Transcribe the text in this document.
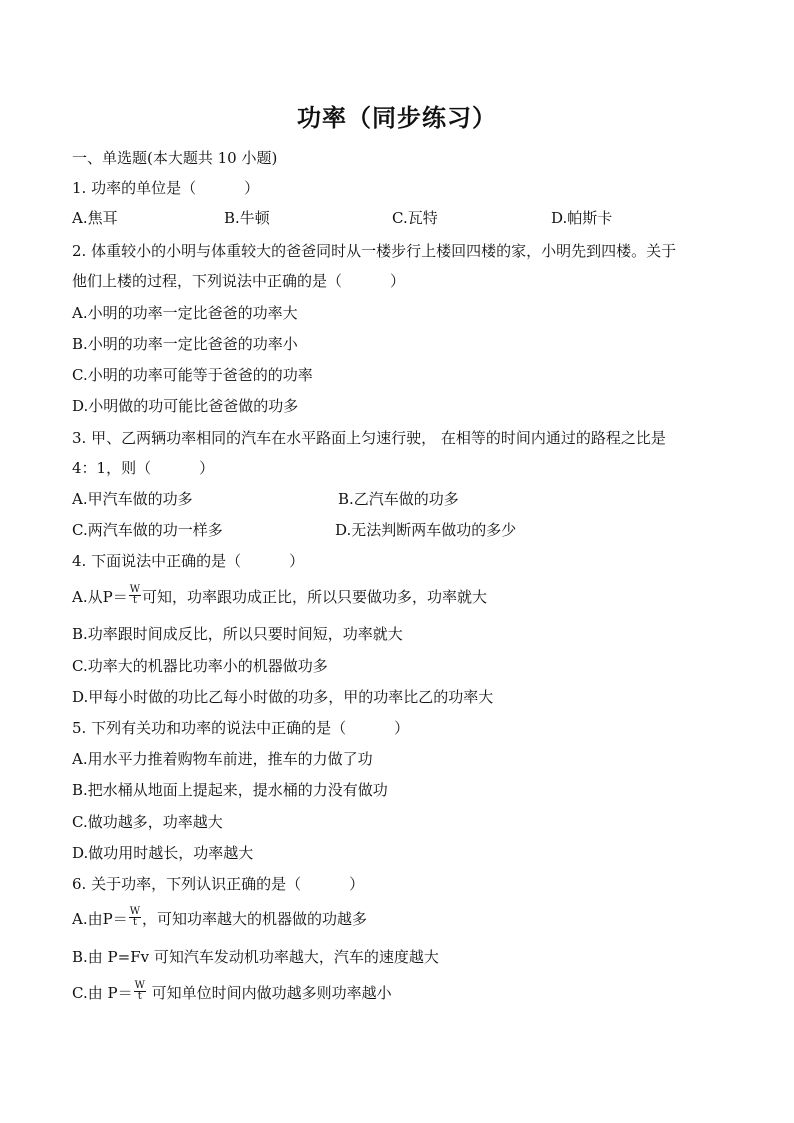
功率（同步练习）
一、单选题(本大题共 10 小题)
1. 功率的单位是（	）
A.焦耳	B.牛顿	C.瓦特	D.帕斯卡
2. 体重较小的小明与体重较大的爸爸同时从一楼步行上楼回四楼的家，小明先到四楼。关于
他们上楼的过程，下列说法中正确的是（	）
A.小明的功率一定比爸爸的功率大
B.小明的功率一定比爸爸的功率小
C.小明的功率可能等于爸爸的的功率
D.小明做的功可能比爸爸做的功多
3. 甲、乙两辆功率相同的汽车在水平路面上匀速行驶， 在相等的时间内通过的路程之比是
4：1，则（	）
A.甲汽车做的功多	B.乙汽车做的功多
C.两汽车做的功一样多	D.无法判断两车做功的多少
4. 下面说法中正确的是（	）
A.从$P= \frac{W}{t}$ 可知，功率跟功成正比，所以只要做功多，功率就大
B.功率跟时间成反比，所以只要时间短，功率就大
C.功率大的机器比功率小的机器做功多
D.甲每小时做的功比乙每小时做的功多，甲的功率比乙的功率大
5. 下列有关功和功率的说法中正确的是（	）
A.用水平力推着购物车前进，推车的力做了功
B.把水桶从地面上提起来，提水桶的力没有做功
C.做功越多，功率越大
D.做功用时越长，功率越大
6. 关于功率，下列认识正确的是（	）
A.由$P= \frac{W}{t}$ ，可知功率越大的机器做的功越多
B.由 P=Fv 可知汽车发动机功率越大，汽车的速度越大
C.由 $P= \frac{W}{t}$ 可知单位时间内做功越多则功率越小
